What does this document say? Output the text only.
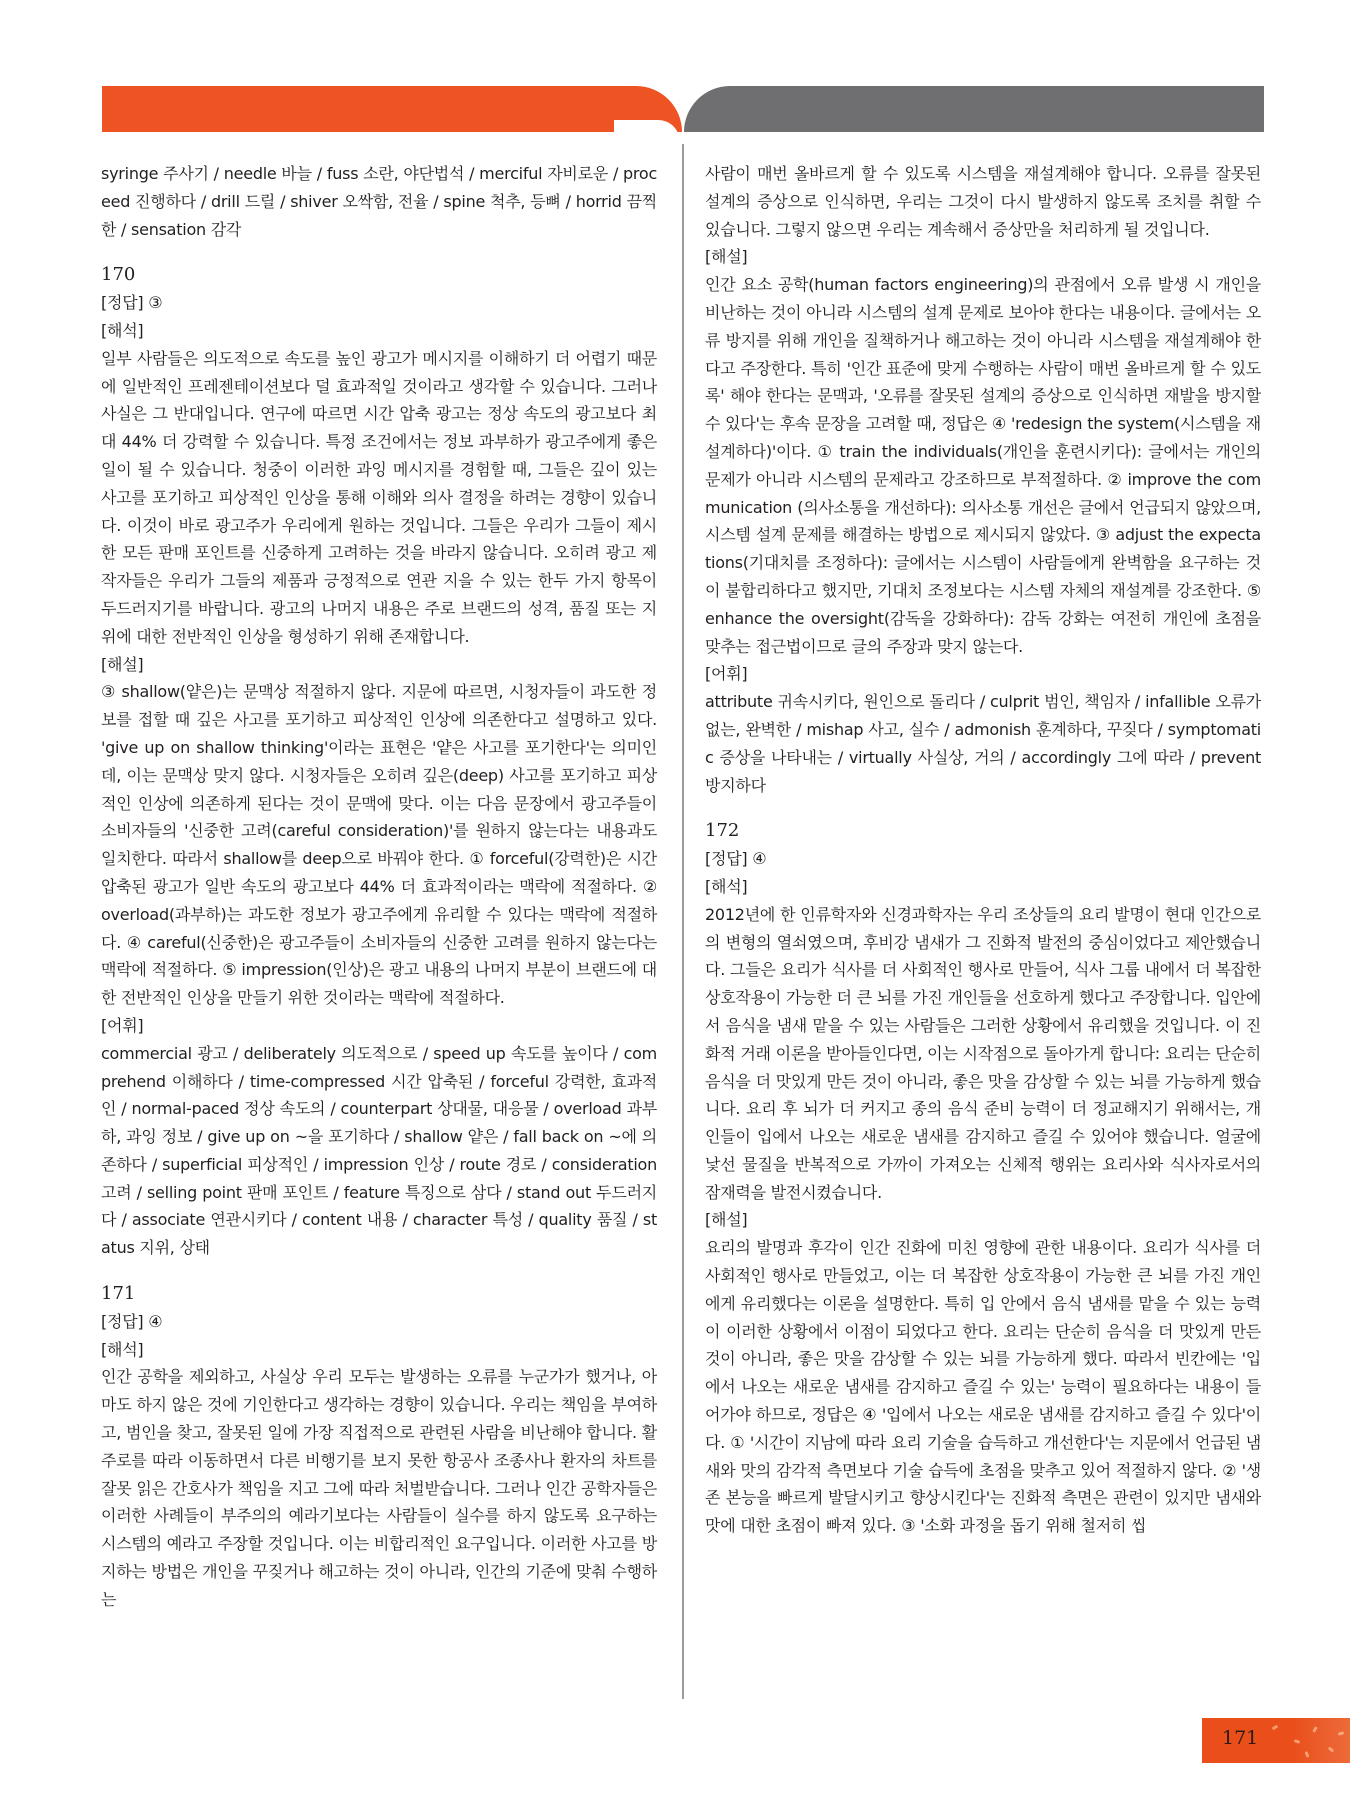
syringe 주사기 / needle 바늘 / fuss 소란, 야단법석 / merciful 자비로운 / proceed 진행하다 / drill 드릴 / shiver 오싹함, 전율 / spine 척추, 등뼈 / horrid 끔찍한 / sensation 감각

170

[정답] ③

[해석]

일부 사람들은 의도적으로 속도를 높인 광고가 메시지를 이해하기 더 어렵기 때문에 일반적인 프레젠테이션보다 덜 효과적일 것이라고 생각할 수 있습니다. 그러나 사실은 그 반대입니다. 연구에 따르면 시간 압축 광고는 정상 속도의 광고보다 최대 44% 더 강력할 수 있습니다. 특정 조건에서는 정보 과부하가 광고주에게 좋은 일이 될 수 있습니다. 청중이 이러한 과잉 메시지를 경험할 때, 그들은 깊이 있는 사고를 포기하고 피상적인 인상을 통해 이해와 의사 결정을 하려는 경향이 있습니다. 이것이 바로 광고주가 우리에게 원하는 것입니다. 그들은 우리가 그들이 제시한 모든 판매 포인트를 신중하게 고려하는 것을 바라지 않습니다. 오히려 광고 제작자들은 우리가 그들의 제품과 긍정적으로 연관 지을 수 있는 한두 가지 항목이 두드러지기를 바랍니다. 광고의 나머지 내용은 주로 브랜드의 성격, 품질 또는 지위에 대한 전반적인 인상을 형성하기 위해 존재합니다.

[해설]

③ shallow(얕은)는 문맥상 적절하지 않다. 지문에 따르면, 시청자들이 과도한 정보를 접할 때 깊은 사고를 포기하고 피상적인 인상에 의존한다고 설명하고 있다. 'give up on shallow thinking'이라는 표현은 '얕은 사고를 포기한다'는 의미인데, 이는 문맥상 맞지 않다. 시청자들은 오히려 깊은(deep) 사고를 포기하고 피상적인 인상에 의존하게 된다는 것이 문맥에 맞다. 이는 다음 문장에서 광고주들이 소비자들의 '신중한 고려(careful consideration)'를 원하지 않는다는 내용과도 일치한다. 따라서 shallow를 deep으로 바꿔야 한다. ① forceful(강력한)은 시간 압축된 광고가 일반 속도의 광고보다 44% 더 효과적이라는 맥락에 적절하다. ② overload(과부하)는 과도한 정보가 광고주에게 유리할 수 있다는 맥락에 적절하다. ④ careful(신중한)은 광고주들이 소비자들의 신중한 고려를 원하지 않는다는 맥락에 적절하다. ⑤ impression(인상)은 광고 내용의 나머지 부분이 브랜드에 대한 전반적인 인상을 만들기 위한 것이라는 맥락에 적절하다.

[어휘]

commercial 광고 / deliberately 의도적으로 / speed up 속도를 높이다 / comprehend 이해하다 / time-compressed 시간 압축된 / forceful 강력한, 효과적인 / normal-paced 정상 속도의 / counterpart 상대물, 대응물 / overload 과부하, 과잉 정보 / give up on ~을 포기하다 / shallow 얕은 / fall back on ~에 의존하다 / superficial 피상적인 / impression 인상 / route 경로 / consideration 고려 / selling point 판매 포인트 / feature 특징으로 삼다 / stand out 두드러지다 / associate 연관시키다 / content 내용 / character 특성 / quality 품질 / status 지위, 상태

171

[정답] ④

[해석]

인간 공학을 제외하고, 사실상 우리 모두는 발생하는 오류를 누군가가 했거나, 아마도 하지 않은 것에 기인한다고 생각하는 경향이 있습니다. 우리는 책임을 부여하고, 범인을 찾고, 잘못된 일에 가장 직접적으로 관련된 사람을 비난해야 합니다. 활주로를 따라 이동하면서 다른 비행기를 보지 못한 항공사 조종사나 환자의 차트를 잘못 읽은 간호사가 책임을 지고 그에 따라 처벌받습니다. 그러나 인간 공학자들은 이러한 사례들이 부주의의 예라기보다는 사람들이 실수를 하지 않도록 요구하는 시스템의 예라고 주장할 것입니다. 이는 비합리적인 요구입니다. 이러한 사고를 방지하는 방법은 개인을 꾸짖거나 해고하는 것이 아니라, 인간의 기준에 맞춰 수행하는

사람이 매번 올바르게 할 수 있도록 시스템을 재설계해야 합니다. 오류를 잘못된 설계의 증상으로 인식하면, 우리는 그것이 다시 발생하지 않도록 조치를 취할 수 있습니다. 그렇지 않으면 우리는 계속해서 증상만을 처리하게 될 것입니다.

[해설]

인간 요소 공학(human factors engineering)의 관점에서 오류 발생 시 개인을 비난하는 것이 아니라 시스템의 설계 문제로 보아야 한다는 내용이다. 글에서는 오류 방지를 위해 개인을 질책하거나 해고하는 것이 아니라 시스템을 재설계해야 한다고 주장한다. 특히 '인간 표준에 맞게 수행하는 사람이 매번 올바르게 할 수 있도록' 해야 한다는 문맥과, '오류를 잘못된 설계의 증상으로 인식하면 재발을 방지할 수 있다'는 후속 문장을 고려할 때, 정답은 ④ 'redesign the system(시스템을 재설계하다)'이다. ① train the individuals(개인을 훈련시키다): 글에서는 개인의 문제가 아니라 시스템의 문제라고 강조하므로 부적절하다. ② improve the communication (의사소통을 개선하다): 의사소통 개선은 글에서 언급되지 않았으며, 시스템 설계 문제를 해결하는 방법으로 제시되지 않았다. ③ adjust the expectations(기대치를 조정하다): 글에서는 시스템이 사람들에게 완벽함을 요구하는 것이 불합리하다고 했지만, 기대치 조정보다는 시스템 자체의 재설계를 강조한다. ⑤ enhance the oversight(감독을 강화하다): 감독 강화는 여전히 개인에 초점을 맞추는 접근법이므로 글의 주장과 맞지 않는다.

[어휘]

attribute 귀속시키다, 원인으로 돌리다 / culprit 범인, 책임자 / infallible 오류가 없는, 완벽한 / mishap 사고, 실수 / admonish 훈계하다, 꾸짖다 / symptomatic 증상을 나타내는 / virtually 사실상, 거의 / accordingly 그에 따라 / prevent 방지하다

172

[정답] ④

[해석]

2012년에 한 인류학자와 신경과학자는 우리 조상들의 요리 발명이 현대 인간으로의 변형의 열쇠였으며, 후비강 냄새가 그 진화적 발전의 중심이었다고 제안했습니다. 그들은 요리가 식사를 더 사회적인 행사로 만들어, 식사 그룹 내에서 더 복잡한 상호작용이 가능한 더 큰 뇌를 가진 개인들을 선호하게 했다고 주장합니다. 입안에서 음식을 냄새 맡을 수 있는 사람들은 그러한 상황에서 유리했을 것입니다. 이 진화적 거래 이론을 받아들인다면, 이는 시작점으로 돌아가게 합니다: 요리는 단순히 음식을 더 맛있게 만든 것이 아니라, 좋은 맛을 감상할 수 있는 뇌를 가능하게 했습니다. 요리 후 뇌가 더 커지고 종의 음식 준비 능력이 더 정교해지기 위해서는, 개인들이 입에서 나오는 새로운 냄새를 감지하고 즐길 수 있어야 했습니다. 얼굴에 낯선 물질을 반복적으로 가까이 가져오는 신체적 행위는 요리사와 식사자로서의 잠재력을 발전시켰습니다.

[해설]

요리의 발명과 후각이 인간 진화에 미친 영향에 관한 내용이다. 요리가 식사를 더 사회적인 행사로 만들었고, 이는 더 복잡한 상호작용이 가능한 큰 뇌를 가진 개인에게 유리했다는 이론을 설명한다. 특히 입 안에서 음식 냄새를 맡을 수 있는 능력이 이러한 상황에서 이점이 되었다고 한다. 요리는 단순히 음식을 더 맛있게 만든 것이 아니라, 좋은 맛을 감상할 수 있는 뇌를 가능하게 했다. 따라서 빈칸에는 '입에서 나오는 새로운 냄새를 감지하고 즐길 수 있는' 능력이 필요하다는 내용이 들어가야 하므로, 정답은 ④ '입에서 나오는 새로운 냄새를 감지하고 즐길 수 있다'이다. ① '시간이 지남에 따라 요리 기술을 습득하고 개선한다'는 지문에서 언급된 냄새와 맛의 감각적 측면보다 기술 습득에 초점을 맞추고 있어 적절하지 않다. ② '생존 본능을 빠르게 발달시키고 향상시킨다'는 진화적 측면은 관련이 있지만 냄새와 맛에 대한 초점이 빠져 있다. ③ '소화 과정을 돕기 위해 철저히 씹

171
